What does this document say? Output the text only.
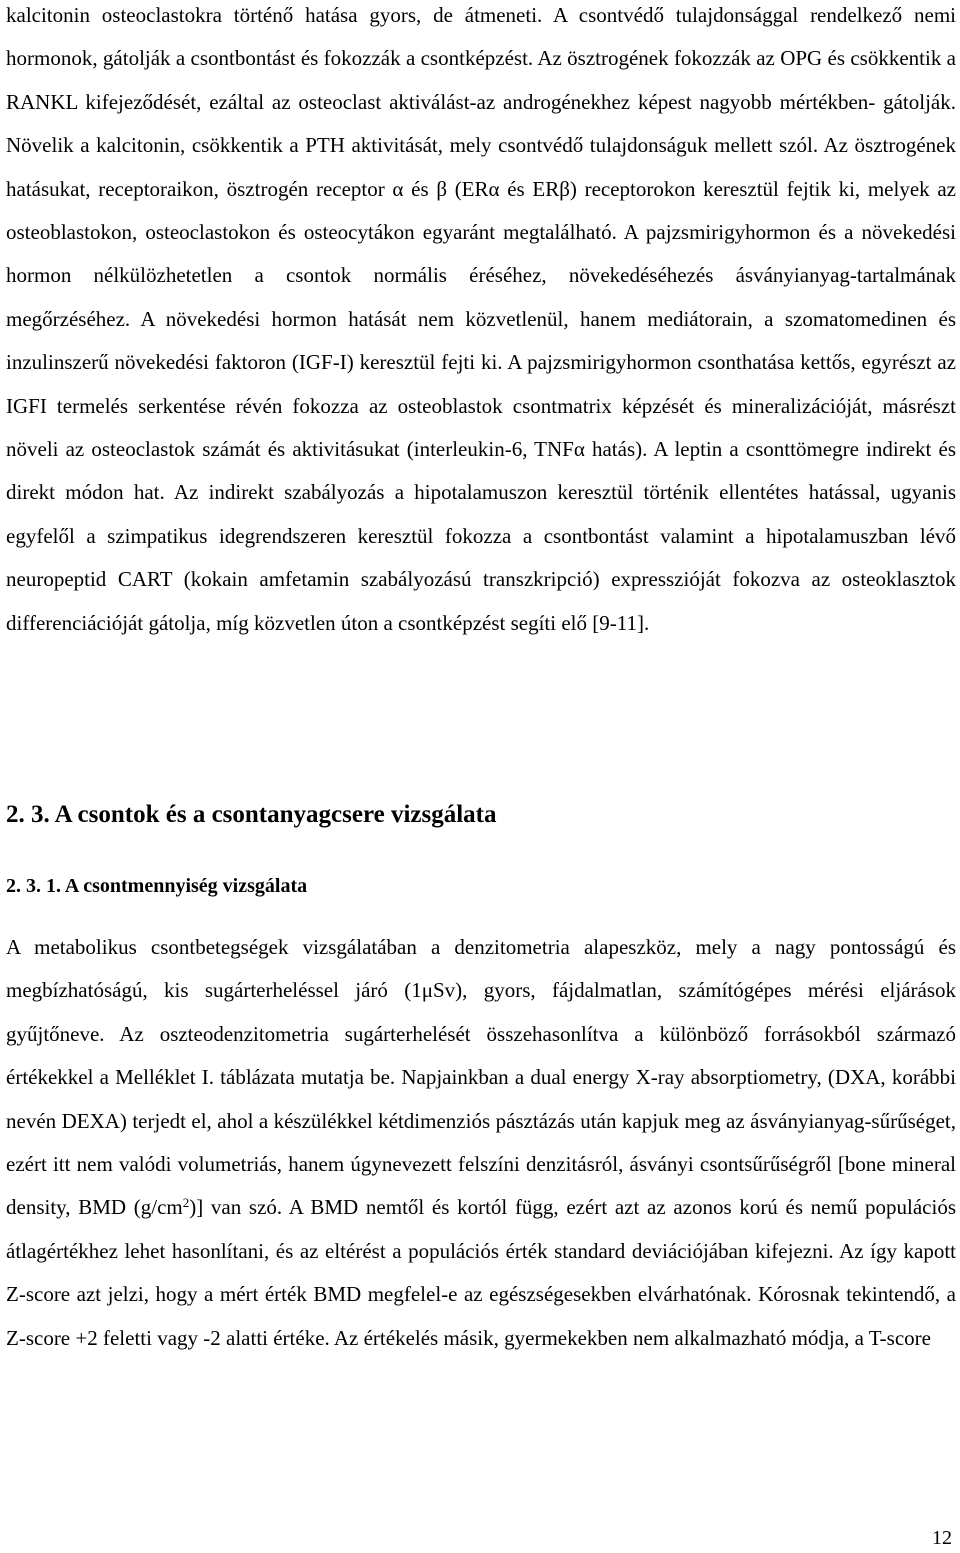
kalcitonin osteoclastokra történő hatása gyors, de átmeneti. A csontvédő tulajdonsággal rendelkező nemi hormonok, gátolják a csontbontást és fokozzák a csontképzést. Az ösztrogének fokozzák az OPG és csökkentik a RANKL kifejeződését, ezáltal az osteoclast aktiválást-az androgénekhez képest nagyobb mértékben- gátolják. Növelik a kalcitonin, csökkentik a PTH aktivitását, mely csontvédő tulajdonságuk mellett szól. Az ösztrogének hatásukat, receptoraikon, ösztrogén receptor α és β (ERα és ERβ) receptorokon keresztül fejtik ki, melyek az osteoblastokon, osteoclastokon és osteocytákon egyaránt megtalálható. A pajzsmirigyhormon és a növekedési hormon nélkülözhetetlen a csontok normális éréséhez, növekedéséhezés ásványianyag-tartalmának megőrzéséhez. A növekedési hormon hatását nem közvetlenül, hanem mediátorain, a szomatomedinen és inzulinszerű növekedési faktoron (IGF-I) keresztül fejti ki. A pajzsmirigyhormon csonthatása kettős, egyrészt az IGFI termelés serkentése révén fokozza az osteoblastok csontmatrix képzését és mineralizációját, másrészt növeli az osteoclastok számát és aktivitásukat (interleukin-6, TNFα hatás). A leptin a csonttömegre indirekt és direkt módon hat. Az indirekt szabályozás a hipotalamuszon keresztül történik ellentétes hatással, ugyanis egyfelől a szimpatikus idegrendszeren keresztül fokozza a csontbontást valamint a hipotalamuszban lévő neuropeptid CART (kokain amfetamin szabályozású transzkripció) expresszióját fokozva az osteoklasztok differenciációját gátolja, míg közvetlen úton a csontképzést segíti elő [9-11].

2. 3. A csontok és a csontanyagcsere vizsgálata
2. 3. 1. A csontmennyiség vizsgálata

A metabolikus csontbetegségek vizsgálatában a denzitometria alapeszköz, mely a nagy pontosságú és megbízhatóságú, kis sugárterheléssel járó (1μSv), gyors, fájdalmatlan, számítógépes mérési eljárások gyűjtőneve. Az oszteodenzitometria sugárterhelését összehasonlítva a különböző forrásokból származó értékekkel a Melléklet I. táblázata mutatja be. Napjainkban a dual energy X-ray absorptiometry, (DXA, korábbi nevén DEXA) terjedt el, ahol a készülékkel kétdimenziós pásztázás után kapjuk meg az ásványianyag-sűrűséget, ezért itt nem valódi volumetriás, hanem úgynevezett felszíni denzitásról, ásványi csontsűrűségről [bone mineral density, BMD $(g/cm^2)$] van szó. A BMD nemtől és kortól függ, ezért azt az azonos korú és nemű populációs átlagértékhez lehet hasonlítani, és az eltérést a populációs érték standard deviációjában kifejezni. Az így kapott Z-score azt jelzi, hogy a mért érték BMD megfelel-e az egészségesekben elvárhatónak. Kórosnak tekintendő, a Z-score +2 feletti vagy -2 alatti értéke. Az értékelés másik, gyermekekben nem alkalmazható módja, a T-score

12
